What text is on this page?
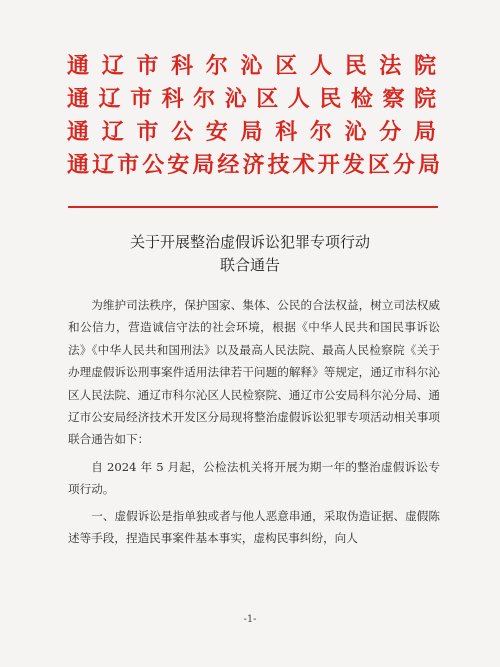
通辽市科尔沁区人民法院
通辽市科尔沁区人民检察院
通辽市公安局科尔沁分局
通辽市公安局经济技术开发区分局
关于开展整治虚假诉讼犯罪专项行动
联合通告

为维护司法秩序，保护国家、集体、公民的合法权益，树立司法权威和公信力，营造诚信守法的社会环境，根据《中华人民共和国民事诉讼法》《中华人民共和国刑法》以及最高人民法院、最高人民检察院《关于办理虚假诉讼刑事案件适用法律若干问题的解释》等规定，通辽市科尔沁区人民法院、通辽市科尔沁区人民检察院、通辽市公安局科尔沁分局、通辽市公安局经济技术开发区分局现将整治虚假诉讼犯罪专项活动相关事项联合通告如下：

自 2024 年 5 月起，公检法机关将开展为期一年的整治虚假诉讼专项行动。

一、虚假诉讼是指单独或者与他人恶意串通，采取伪造证据、虚假陈述等手段，捏造民事案件基本事实，虚构民事纠纷，向人

-1-
